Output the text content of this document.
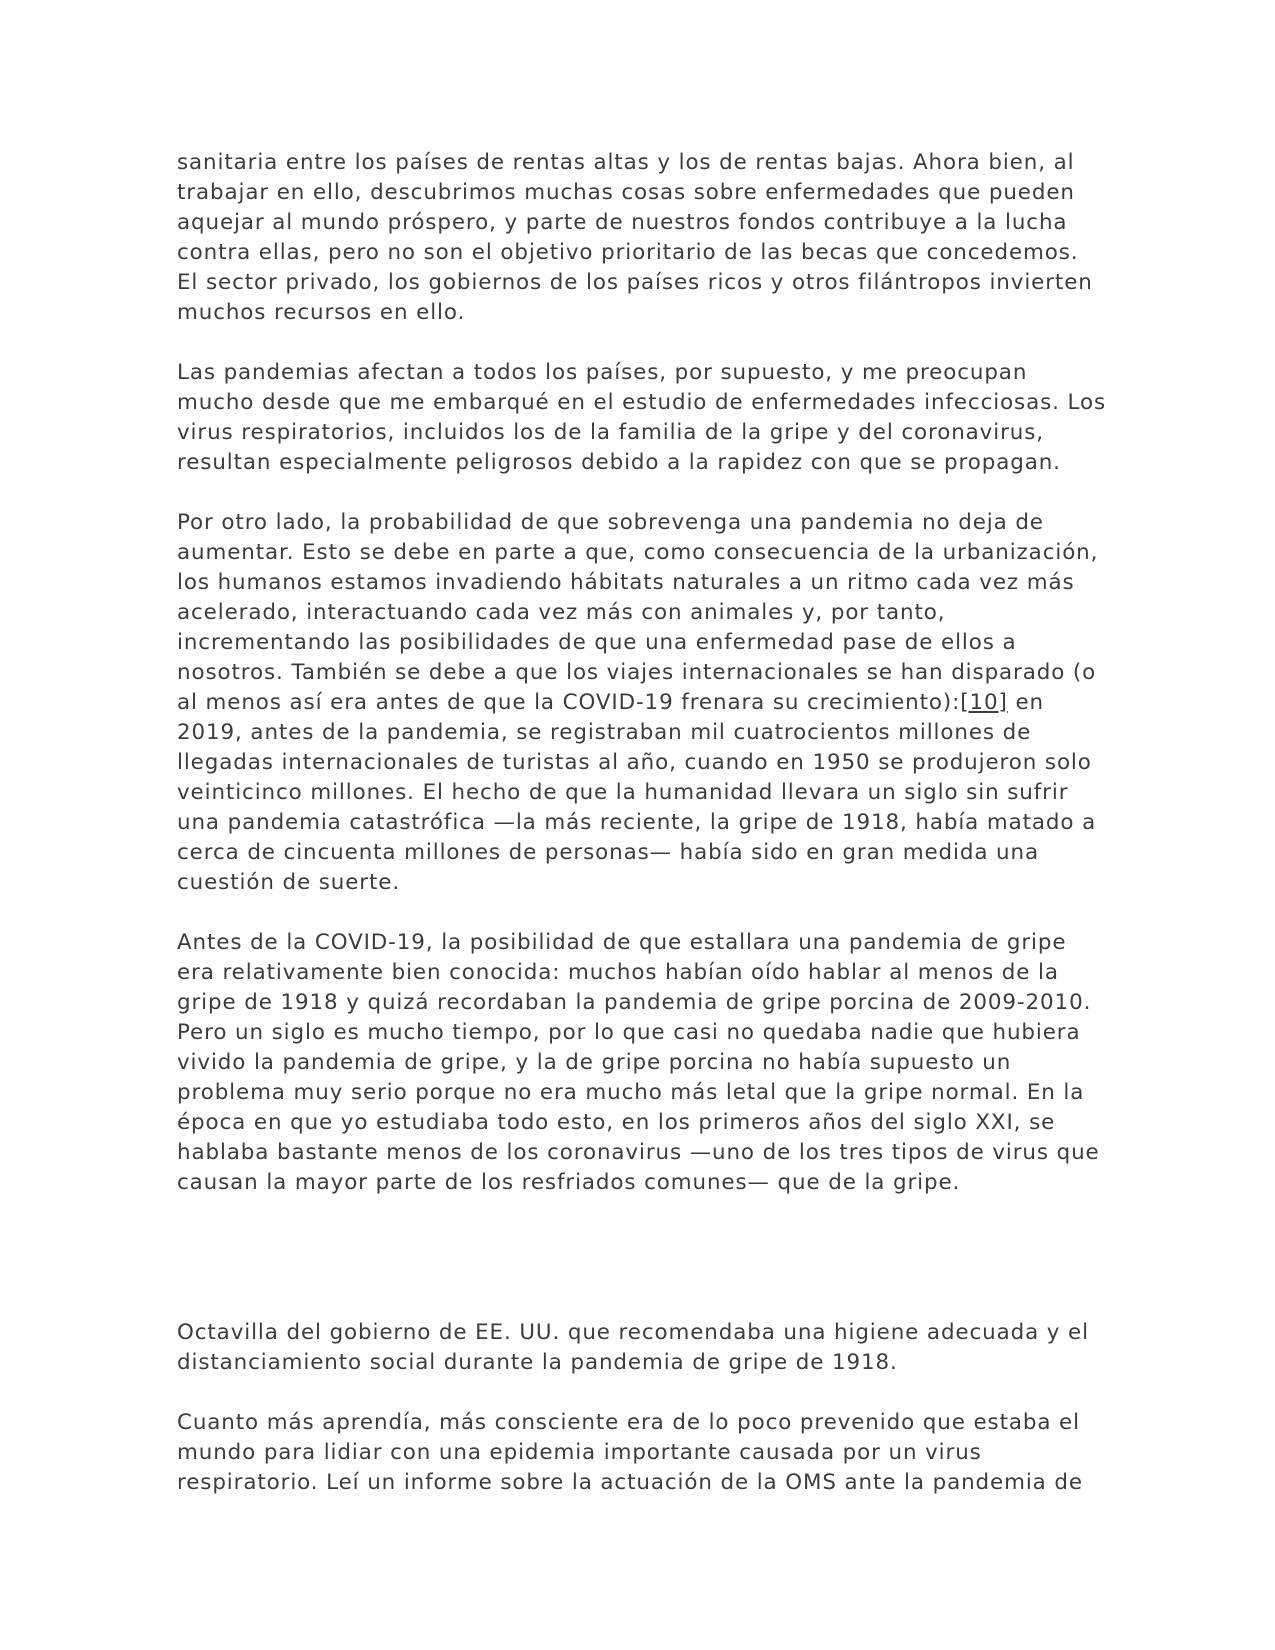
sanitaria entre los países de rentas altas y los de rentas bajas. Ahora bien, al trabajar en ello, descubrimos muchas cosas sobre enfermedades que pueden aquejar al mundo próspero, y parte de nuestros fondos contribuye a la lucha contra ellas, pero no son el objetivo prioritario de las becas que concedemos. El sector privado, los gobiernos de los países ricos y otros filántropos invierten muchos recursos en ello.

Las pandemias afectan a todos los países, por supuesto, y me preocupan mucho desde que me embarqué en el estudio de enfermedades infecciosas. Los virus respiratorios, incluidos los de la familia de la gripe y del coronavirus, resultan especialmente peligrosos debido a la rapidez con que se propagan.

Por otro lado, la probabilidad de que sobrevenga una pandemia no deja de aumentar. Esto se debe en parte a que, como consecuencia de la urbanización, los humanos estamos invadiendo hábitats naturales a un ritmo cada vez más acelerado, interactuando cada vez más con animales y, por tanto, incrementando las posibilidades de que una enfermedad pase de ellos a nosotros. También se debe a que los viajes internacionales se han disparado (o al menos así era antes de que la COVID-19 frenara su crecimiento):[10] en 2019, antes de la pandemia, se registraban mil cuatrocientos millones de llegadas internacionales de turistas al año, cuando en 1950 se produjeron solo veinticinco millones. El hecho de que la humanidad llevara un siglo sin sufrir una pandemia catastrófica —la más reciente, la gripe de 1918, había matado a cerca de cincuenta millones de personas— había sido en gran medida una cuestión de suerte.

Antes de la COVID-19, la posibilidad de que estallara una pandemia de gripe era relativamente bien conocida: muchos habían oído hablar al menos de la gripe de 1918 y quizá recordaban la pandemia de gripe porcina de 2009-2010. Pero un siglo es mucho tiempo, por lo que casi no quedaba nadie que hubiera vivido la pandemia de gripe, y la de gripe porcina no había supuesto un problema muy serio porque no era mucho más letal que la gripe normal. En la época en que yo estudiaba todo esto, en los primeros años del siglo XXI, se hablaba bastante menos de los coronavirus —uno de los tres tipos de virus que causan la mayor parte de los resfriados comunes— que de la gripe.

Octavilla del gobierno de EE. UU. que recomendaba una higiene adecuada y el distanciamiento social durante la pandemia de gripe de 1918.

Cuanto más aprendía, más consciente era de lo poco prevenido que estaba el mundo para lidiar con una epidemia importante causada por un virus respiratorio. Leí un informe sobre la actuación de la OMS ante la pandemia de
